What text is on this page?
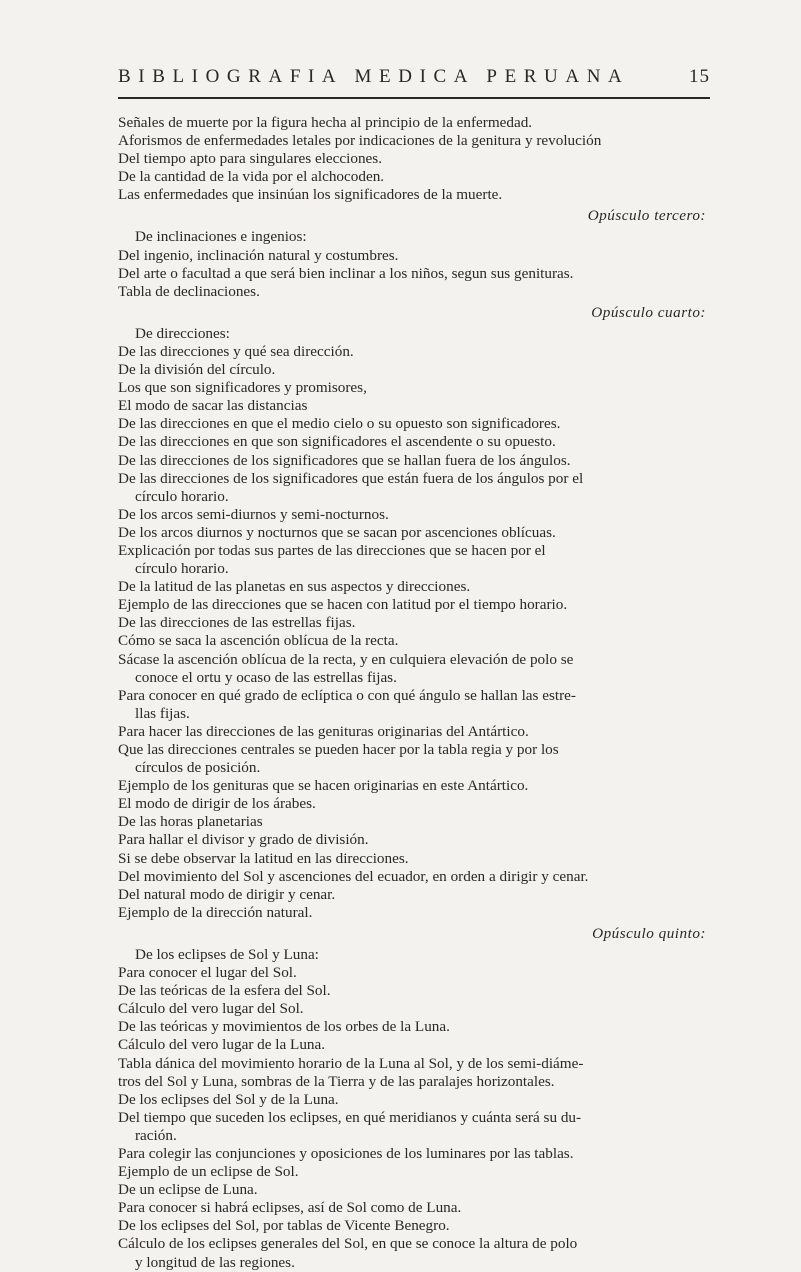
BIBLIOGRAFIA MEDICA PERUANA	15
Señales de muerte por la figura hecha al principio de la enfermedad.
Aforismos de enfermedades letales por indicaciones de la genitura y revolución
Del tiempo apto para singulares elecciones.
De la cantidad de la vida por el alchocoden.
Las enfermedades que insinúan los significadores de la muerte.
Opúsculo tercero:
De inclinaciones e ingenios:
Del ingenio, inclinación natural y costumbres.
Del arte o facultad a que será bien inclinar a los niños, segun sus genituras.
Tabla de declinaciones.
Opúsculo cuarto:
De direcciones:
De las direcciones y qué sea dirección.
De la división del círculo.
Los que son significadores y promisores,
El modo de sacar las distancias
De las direcciones en que el medio cielo o su opuesto son significadores.
De las direcciones en que son significadores el ascendente o su opuesto.
De las direcciones de los significadores que se hallan fuera de los ángulos.
De las direcciones de los significadores que están fuera de los ángulos por el
círculo horario.
De los arcos semi-diurnos y semi-nocturnos.
De los arcos diurnos y nocturnos que se sacan por ascenciones oblícuas.
Explicación por todas sus partes de las direcciones que se hacen por el
círculo horario.
De la latitud de las planetas en sus aspectos y direcciones.
Ejemplo de las direcciones que se hacen con latitud por el tiempo horario.
De las direcciones de las estrellas fijas.
Cómo se saca la ascención oblícua de la recta.
Sácase la ascención oblícua de la recta, y en culquiera elevación de polo se
conoce el ortu y ocaso de las estrellas fijas.
Para conocer en qué grado de eclíptica o con qué ángulo se hallan las estre-
llas fijas.
Para hacer las direcciones de las genituras originarias del Antártico.
Que las direcciones centrales se pueden hacer por la tabla regia y por los
círculos de posición.
Ejemplo de los genituras que se hacen originarias en este Antártico.
El modo de dirigir de los árabes.
De las horas planetarias
Para hallar el divisor y grado de división.
Si se debe observar la latitud en las direcciones.
Del movimiento del Sol y ascenciones del ecuador, en orden a dirigir y cenar.
Del natural modo de dirigir y cenar.
Ejemplo de la dirección natural.
Opúsculo quinto:
De los eclipses de Sol y Luna:
Para conocer el lugar del Sol.
De las teóricas de la esfera del Sol.
Cálculo del vero lugar del Sol.
De las teóricas y movimientos de los orbes de la Luna.
Cálculo del vero lugar de la Luna.
Tabla dánica del movimiento horario de la Luna al Sol, y de los semi-diáme-
tros del Sol y Luna, sombras de la Tierra y de las paralajes horizontales.
De los eclipses del Sol y de la Luna.
Del tiempo que suceden los eclipses, en qué meridianos y cuánta será su du-
ración.
Para colegir las conjunciones y oposiciones de los luminares por las tablas.
Ejemplo de un eclipse de Sol.
De un eclipse de Luna.
Para conocer si habrá eclipses, así de Sol como de Luna.
De los eclipses del Sol, por tablas de Vicente Benegro.
Cálculo de los eclipses generales del Sol, en que se conoce la altura de polo
y longitud de las regiones.
